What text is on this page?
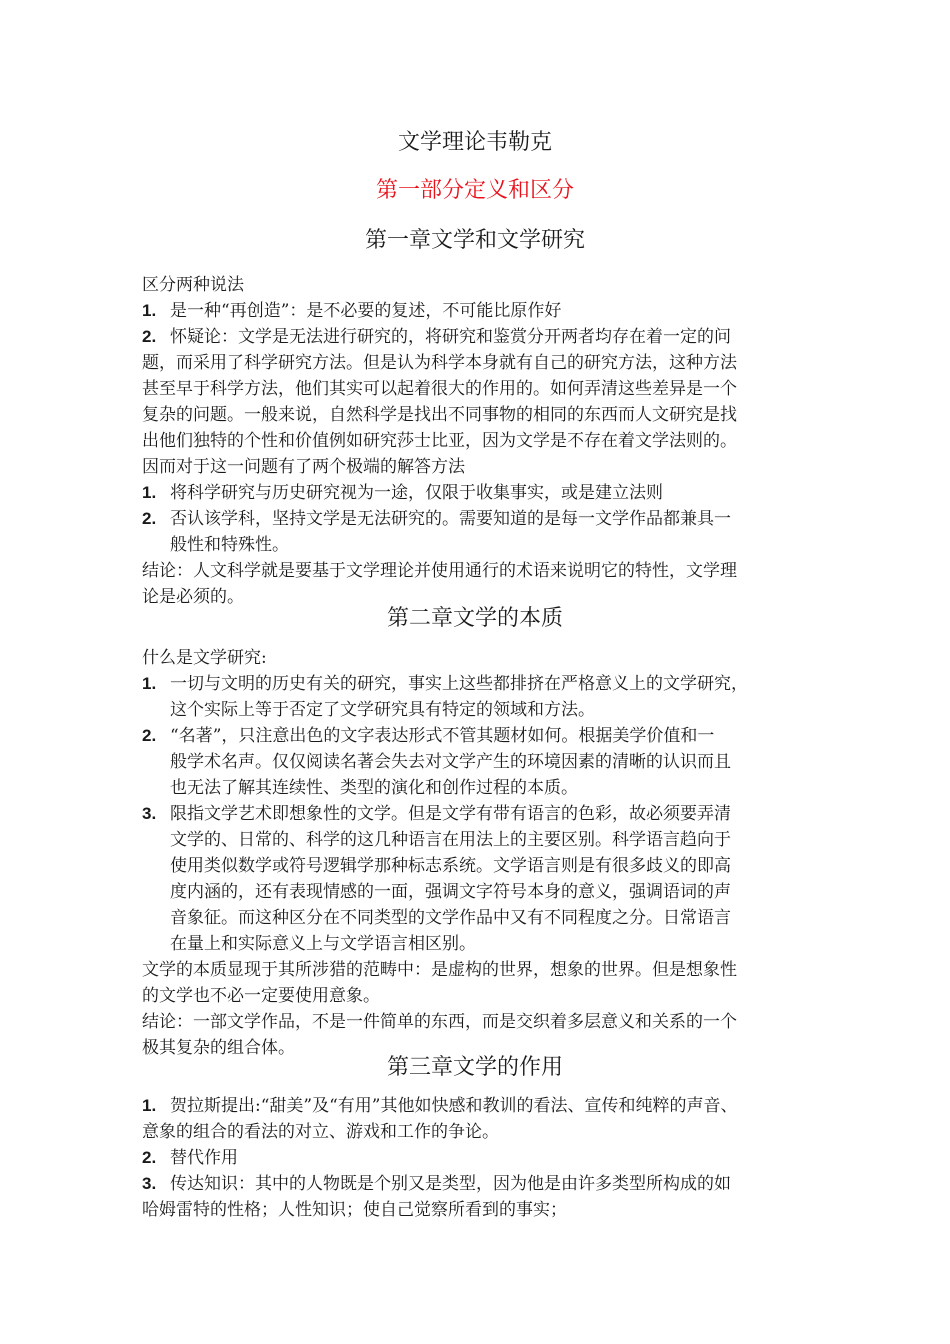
文学理论韦勒克
第一部分定义和区分
第一章文学和文学研究
区分两种说法
1. 是一种“再创造”：是不必要的复述，不可能比原作好
2. 怀疑论：文学是无法进行研究的，将研究和鉴赏分开两者均存在着一定的问
题，而采用了科学研究方法。但是认为科学本身就有自己的研究方法，这种方法
甚至早于科学方法，他们其实可以起着很大的作用的。如何弄清这些差异是一个
复杂的问题。一般来说，自然科学是找出不同事物的相同的东西而人文研究是找
出他们独特的个性和价值例如研究莎士比亚，因为文学是不存在着文学法则的。
因而对于这一问题有了两个极端的解答方法
1. 将科学研究与历史研究视为一途，仅限于收集事实，或是建立法则
2. 否认该学科，坚持文学是无法研究的。需要知道的是每一文学作品都兼具一
般性和特殊性。
结论：人文科学就是要基于文学理论并使用通行的术语来说明它的特性，文学理
论是必须的。
第二章文学的本质
什么是文学研究:
1. 一切与文明的历史有关的研究，事实上这些都排挤在严格意义上的文学研究，
这个实际上等于否定了文学研究具有特定的领域和方法。
2. “名著”，只注意出色的文字表达形式不管其题材如何。根据美学价值和一
般学术名声。仅仅阅读名著会失去对文学产生的环境因素的清晰的认识而且
也无法了解其连续性、类型的演化和创作过程的本质。
3. 限指文学艺术即想象性的文学。但是文学有带有语言的色彩，故必须要弄清
文学的、日常的、科学的这几种语言在用法上的主要区别。科学语言趋向于
使用类似数学或符号逻辑学那种标志系统。文学语言则是有很多歧义的即高
度内涵的，还有表现情感的一面，强调文字符号本身的意义，强调语词的声
音象征。而这种区分在不同类型的文学作品中又有不同程度之分。日常语言
在量上和实际意义上与文学语言相区别。
文学的本质显现于其所涉猎的范畴中：是虚构的世界，想象的世界。但是想象性
的文学也不必一定要使用意象。
结论：一部文学作品，不是一件简单的东西，而是交织着多层意义和关系的一个
极其复杂的组合体。
第三章文学的作用
1. 贺拉斯提出:“甜美”及“有用”其他如快感和教训的看法、宣传和纯粹的声音、
意象的组合的看法的对立、游戏和工作的争论。
2. 替代作用
3. 传达知识：其中的人物既是个别又是类型，因为他是由许多类型所构成的如
哈姆雷特的性格；人性知识；使自己觉察所看到的事实；
